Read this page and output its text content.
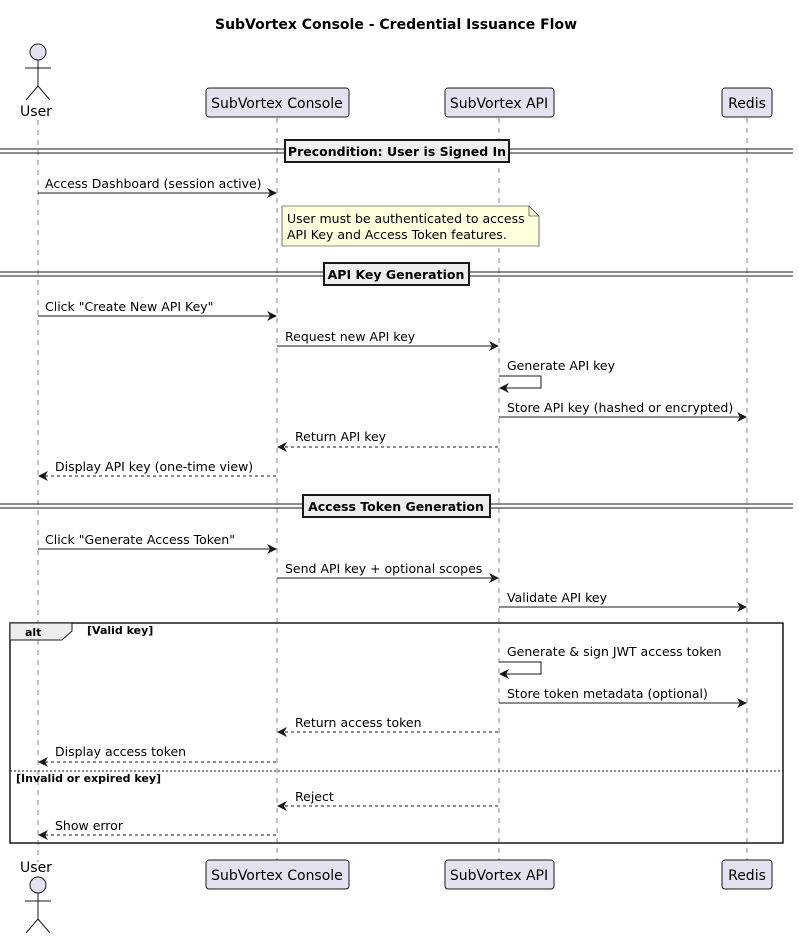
SubVortex Console - Credential Issuance Flow
User	SubVortex Console	SubVortex API	Redis
Precondition: User is Signed In
Access Dashboard (session active)
User must be authenticated to access
API Key and Access Token features.
API Key Generation
Click "Create New API Key"
Request new API key
Generate API key
Store API key (hashed or encrypted)
Return API key
Display API key (one-time view)
Access Token Generation
Click "Generate Access Token"
Send API key + optional scopes
Validate API key
alt	[Valid key]
[Invalid or expired key]
Generate & sign JWT access token
Store token metadata (optional)
Return access token
Display access token
Reject
Show error
User	SubVortex Console	SubVortex API	Redis
